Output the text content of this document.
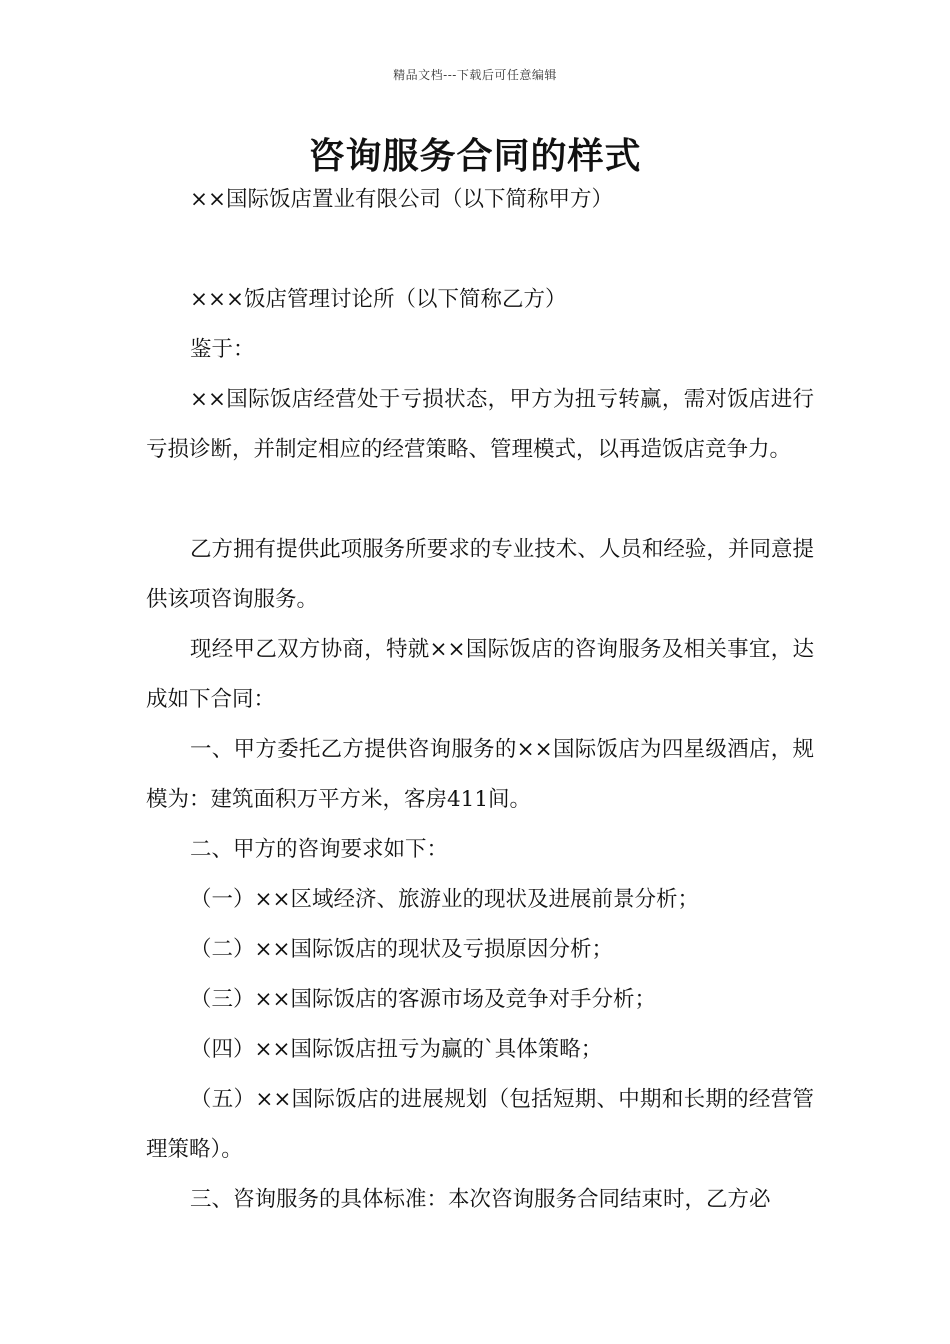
精品文档---下载后可任意编辑
咨询服务合同的样式
××国际饭店置业有限公司（以下简称甲方）
×××饭店管理讨论所（以下简称乙方）
鉴于：
××国际饭店经营处于亏损状态，甲方为扭亏转赢，需对饭店进行亏损诊断，并制定相应的经营策略、管理模式，以再造饭店竞争力。
乙方拥有提供此项服务所要求的专业技术、人员和经验，并同意提供该项咨询服务。
现经甲乙双方协商，特就××国际饭店的咨询服务及相关事宜，达成如下合同：
一、甲方委托乙方提供咨询服务的××国际饭店为四星级酒店，规模为：建筑面积万平方米，客房411间。
二、甲方的咨询要求如下：
（一）××区域经济、旅游业的现状及进展前景分析；
（二）××国际饭店的现状及亏损原因分析；
（三）××国际饭店的客源市场及竞争对手分析；
（四）××国际饭店扭亏为赢的`具体策略；
（五）××国际饭店的进展规划（包括短期、中期和长期的经营管理策略）。
三、咨询服务的具体标准：本次咨询服务合同结束时，乙方必
